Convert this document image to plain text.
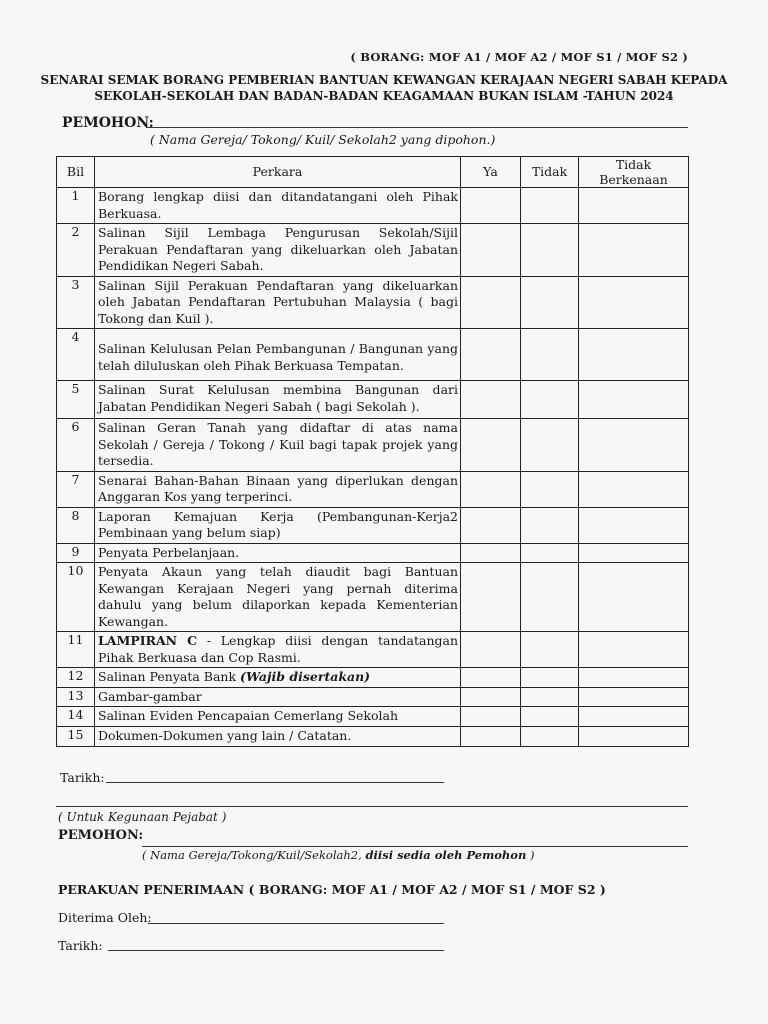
( BORANG: MOF A1 / MOF A2 / MOF S1 / MOF S2 )
SENARAI SEMAK BORANG PEMBERIAN BANTUAN KEWANGAN KERAJAAN NEGERI SABAH KEPADA
SEKOLAH-SEKOLAH DAN BADAN-BADAN KEAGAMAAN BUKAN ISLAM -TAHUN 2024
PEMOHON:
( Nama Gereja/ Tokong/ Kuil/ Sekolah2 yang dipohon.)
Bil	Perkara	Ya	Tidak	Tidak Berkenaan
1	Borang lengkap diisi dan ditandatangani oleh Pihak Berkuasa.			
2	Salinan Sijil Lembaga Pengurusan Sekolah/Sijil Perakuan Pendaftaran yang dikeluarkan oleh Jabatan Pendidikan Negeri Sabah.			
3	Salinan Sijil Perakuan Pendaftaran yang dikeluarkan oleh Jabatan Pendaftaran Pertubuhan Malaysia ( bagi Tokong dan Kuil ).			
4	Salinan Kelulusan Pelan Pembangunan / Bangunan yang telah diluluskan oleh Pihak Berkuasa Tempatan.			
5	Salinan Surat Kelulusan membina Bangunan dari Jabatan Pendidikan Negeri Sabah ( bagi Sekolah ).			
6	Salinan Geran Tanah yang didaftar di atas nama Sekolah / Gereja / Tokong / Kuil bagi tapak projek yang tersedia.			
7	Senarai Bahan-Bahan Binaan yang diperlukan dengan Anggaran Kos yang terperinci.			
8	Laporan Kemajuan Kerja (Pembangunan-Kerja2 Pembinaan yang belum siap)			
9	Penyata Perbelanjaan.			
10	Penyata Akaun yang telah diaudit bagi Bantuan Kewangan Kerajaan Negeri yang pernah diterima dahulu yang belum dilaporkan kepada Kementerian Kewangan.			
11	LAMPIRAN C - Lengkap diisi dengan tandatangan Pihak Berkuasa dan Cop Rasmi.			
12	Salinan Penyata Bank (Wajib disertakan)			
13	Gambar-gambar			
14	Salinan Eviden Pencapaian Cemerlang Sekolah			
15	Dokumen-Dokumen yang lain / Catatan.			
Tarikh:
( Untuk Kegunaan Pejabat )
PEMOHON:
( Nama Gereja/Tokong/Kuil/Sekolah2, diisi sedia oleh Pemohon )
PERAKUAN PENERIMAAN ( BORANG: MOF A1 / MOF A2 / MOF S1 / MOF S2 )
Diterima Oleh:
Tarikh:
